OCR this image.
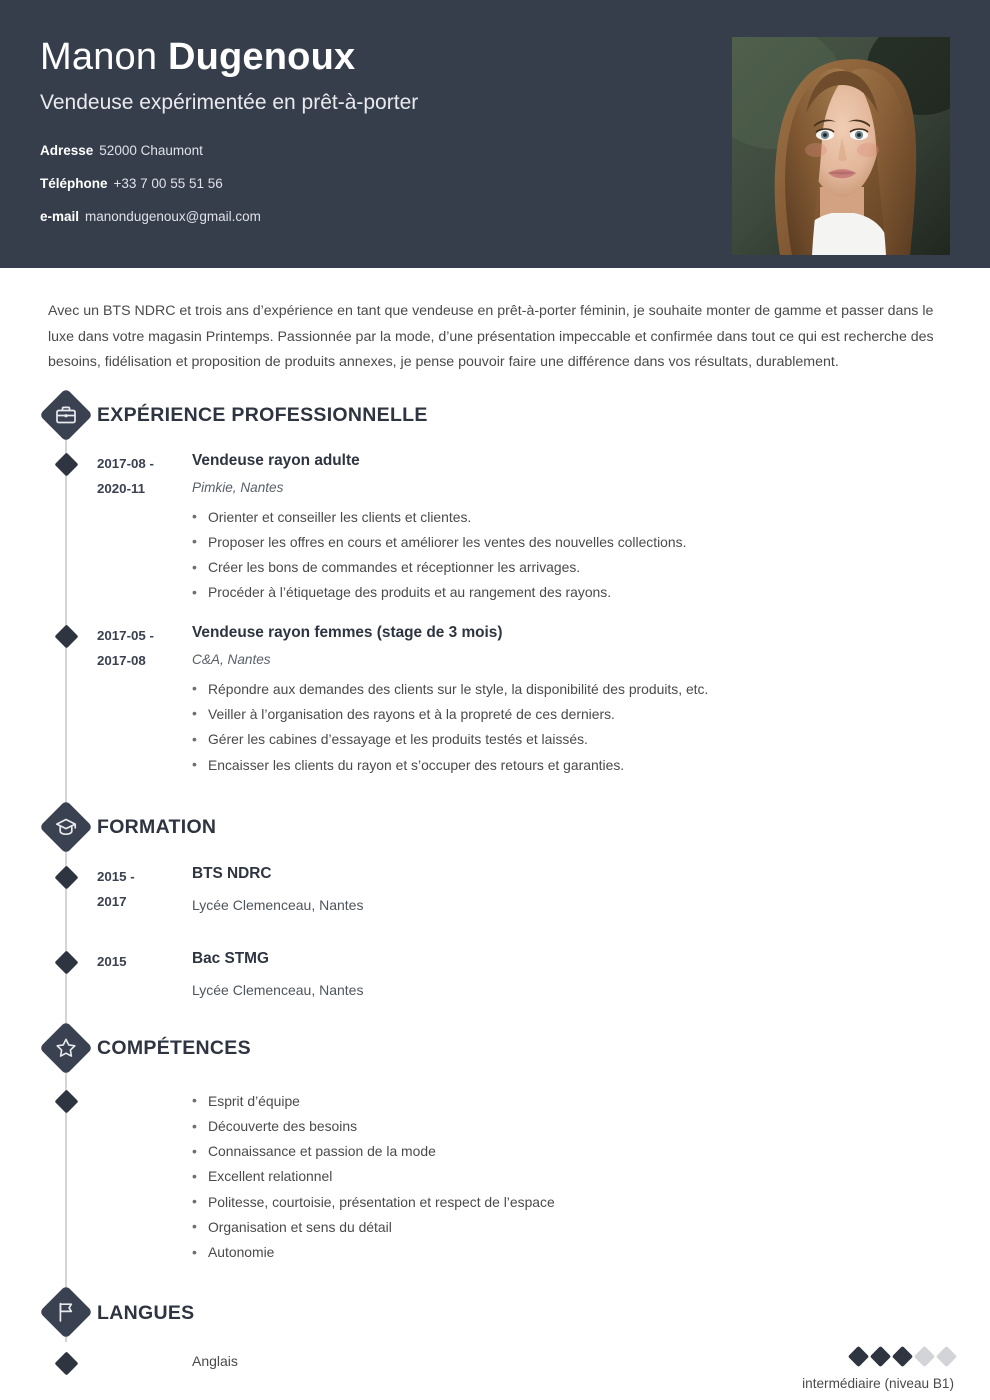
Manon Dugenoux
Vendeuse expérimentée en prêt-à-porter
Adresse 52000 Chaumont
Téléphone +33 7 00 55 51 56
e-mail manondugenoux@gmail.com
Avec un BTS NDRC et trois ans d’expérience en tant que vendeuse en prêt-à-porter féminin, je souhaite monter de gamme et passer dans le luxe dans votre magasin Printemps. Passionnée par la mode, d’une présentation impeccable et confirmée dans tout ce qui est recherche des besoins, fidélisation et proposition de produits annexes, je pense pouvoir faire une différence dans vos résultats, durablement.
EXPÉRIENCE PROFESSIONNELLE
2017-08 -
2020-11
Vendeuse rayon adulte
Pimkie, Nantes
• Orienter et conseiller les clients et clientes.
• Proposer les offres en cours et améliorer les ventes des nouvelles collections.
• Créer les bons de commandes et réceptionner les arrivages.
• Procéder à l’étiquetage des produits et au rangement des rayons.
2017-05 -
2017-08
Vendeuse rayon femmes (stage de 3 mois)
C&A, Nantes
• Répondre aux demandes des clients sur le style, la disponibilité des produits, etc.
• Veiller à l’organisation des rayons et à la propreté de ces derniers.
• Gérer les cabines d’essayage et les produits testés et laissés.
• Encaisser les clients du rayon et s’occuper des retours et garanties.
FORMATION
2015 -
2017
BTS NDRC
Lycée Clemenceau, Nantes
2015	Bac STMG
Lycée Clemenceau, Nantes
COMPÉTENCES
• Esprit d’équipe
• Découverte des besoins
• Connaissance et passion de la mode
• Excellent relationnel
• Politesse, courtoisie, présentation et respect de l’espace
• Organisation et sens du détail
• Autonomie
LANGUES
Anglais
intermédiaire (niveau B1)
